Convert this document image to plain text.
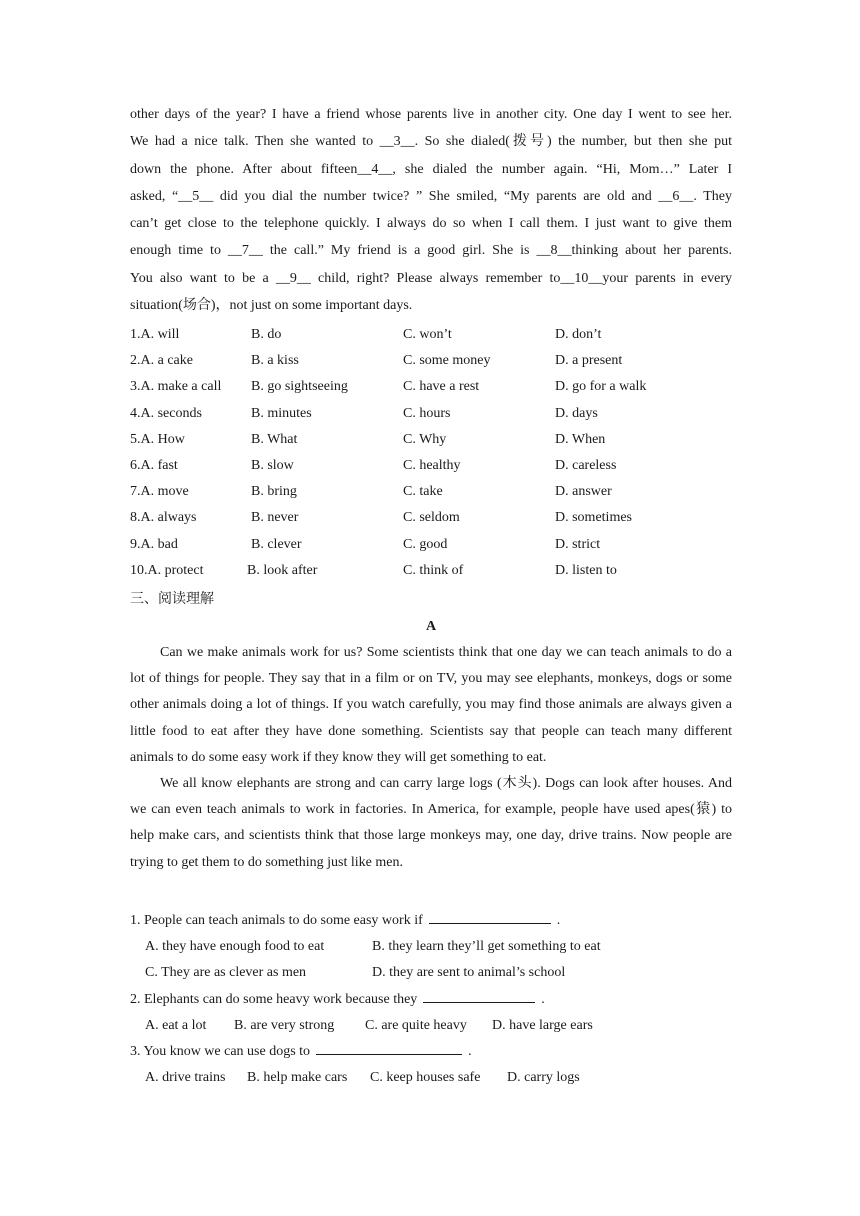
other days of the year? I have a friend whose parents live in another city. One day I went to see her.

We had a nice talk. Then she wanted to __3__. So she dialed(拨号) the number, but then she put

down the phone. After about fifteen__4__, she dialed the number again. “Hi, Mom…” Later I

asked, “__5__ did you dial the number twice? ” She smiled, “My parents are old and __6__. They

can’t get close to the telephone quickly. I always do so when I call them. I just want to give them

enough time to __7__ the call.” My friend is a good girl. She is __8__thinking about her parents.

You also want to be a __9__ child, right? Please always remember to__10__your parents in every

situation(场合)，not just on some important days.

1.A. will	B. do	C. won’t	D. don’t
2.A. a cake	B. a kiss	C. some money	D. a present
3.A. make a call B. go sightseeing	C. have a rest	D. go for a walk
4.A. seconds	B. minutes	C. hours	D. days
5.A. How	B. What	C. Why	D. When
6.A. fast	B. slow	C. healthy	D. careless
7.A. move	B. bring	C. take	D. answer
8.A. always	B. never	C. seldom	D. sometimes
9.A. bad	B. clever	C. good	D. strict
10.A. protect	B. look after	C. think of	D. listen to
三、阅读理解
A

Can we make animals work for us? Some scientists think that one day we can teach animals to do a lot of things for people. They say that in a film or on TV, you may see elephants, monkeys, dogs or some other animals doing a lot of things. If you watch carefully, you may find those animals are always given a little food to eat after they have done something. Scientists say that people can teach many different animals to do some easy work if they know they will get something to eat.

We all know elephants are strong and can carry large logs (木头). Dogs can look after houses. And we can even teach animals to work in factories. In America, for example, people have used apes(猿) to help make cars, and scientists think that those large monkeys may, one day, drive trains. Now people are trying to get them to do something just like men.

1. People can teach animals to do some easy work if	.
A. they have enough food to eat	B. they learn they’ll get something to eat
C. They are as clever as men	D. they are sent to animal’s school
2. Elephants can do some heavy work because they	.
A. eat a lot B. are very strong C. are quite heavy D. have large ears
3. You know we can use dogs to	.
A. drive trains B. help make cars C. keep houses safe D. carry logs
